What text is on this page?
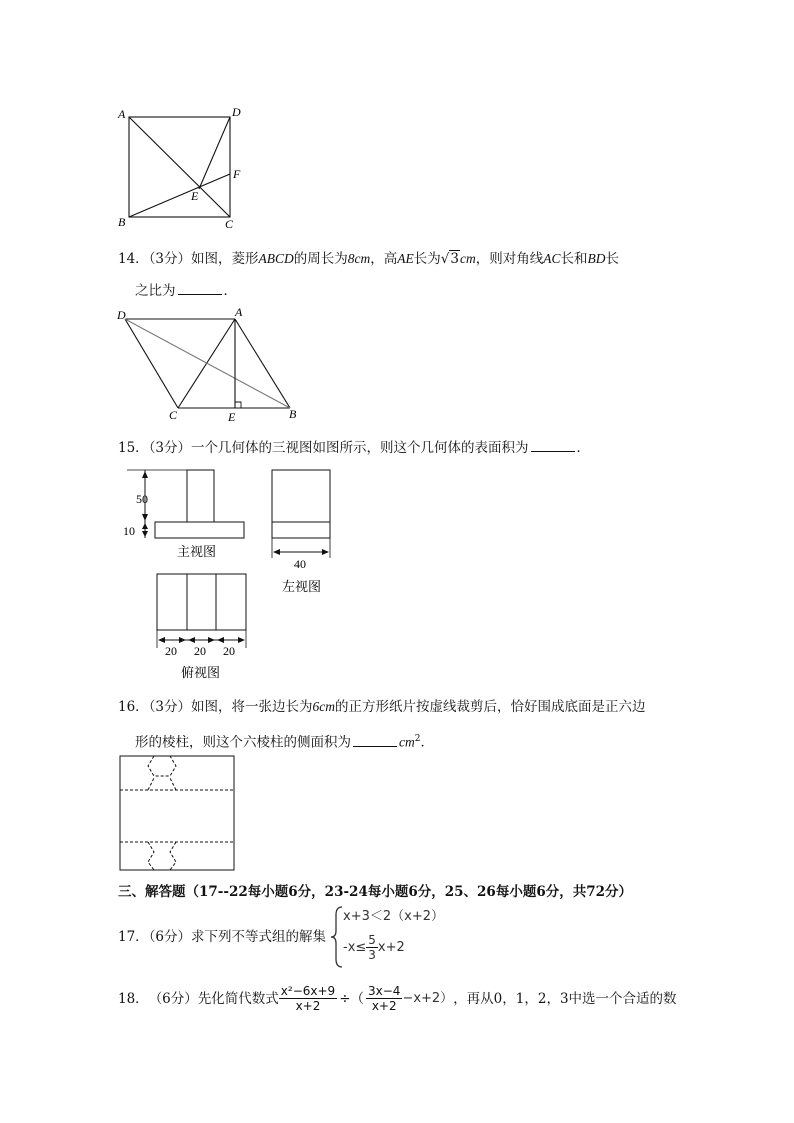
A	D
F
E
B	C
14．（3分）如图，菱形ABCD的周长为8cm，高AE长为√3cm，则对角线AC长和BD长
之比为	．
D	A
C	E	B
15．（3分）一个几何体的三视图如图所示，则这个几何体的表面积为	．
50
10
主视图
40
左视图
20 20 20
俯视图
16．（3分）如图，将一张边长为6cm的正方形纸片按虚线裁剪后，恰好围成底面是正六边
形的棱柱，则这个六棱柱的侧面积为	$cm^2$．
三、解答题（17--22每小题6分，23-24每小题6分，25、26每小题6分，共72分）
17．（6分）求下列不等式组的解集
x+3＜2（x+2）
$-x\le \frac{5}{3} x+2$
18． （6分） 先化简代数式 $\frac{\text{x²−6x+9}}{x+2}$ ÷（ $\frac{3x-4}{x+2} -x+2$） ，再从0，1，2，3中选一个合适的数
